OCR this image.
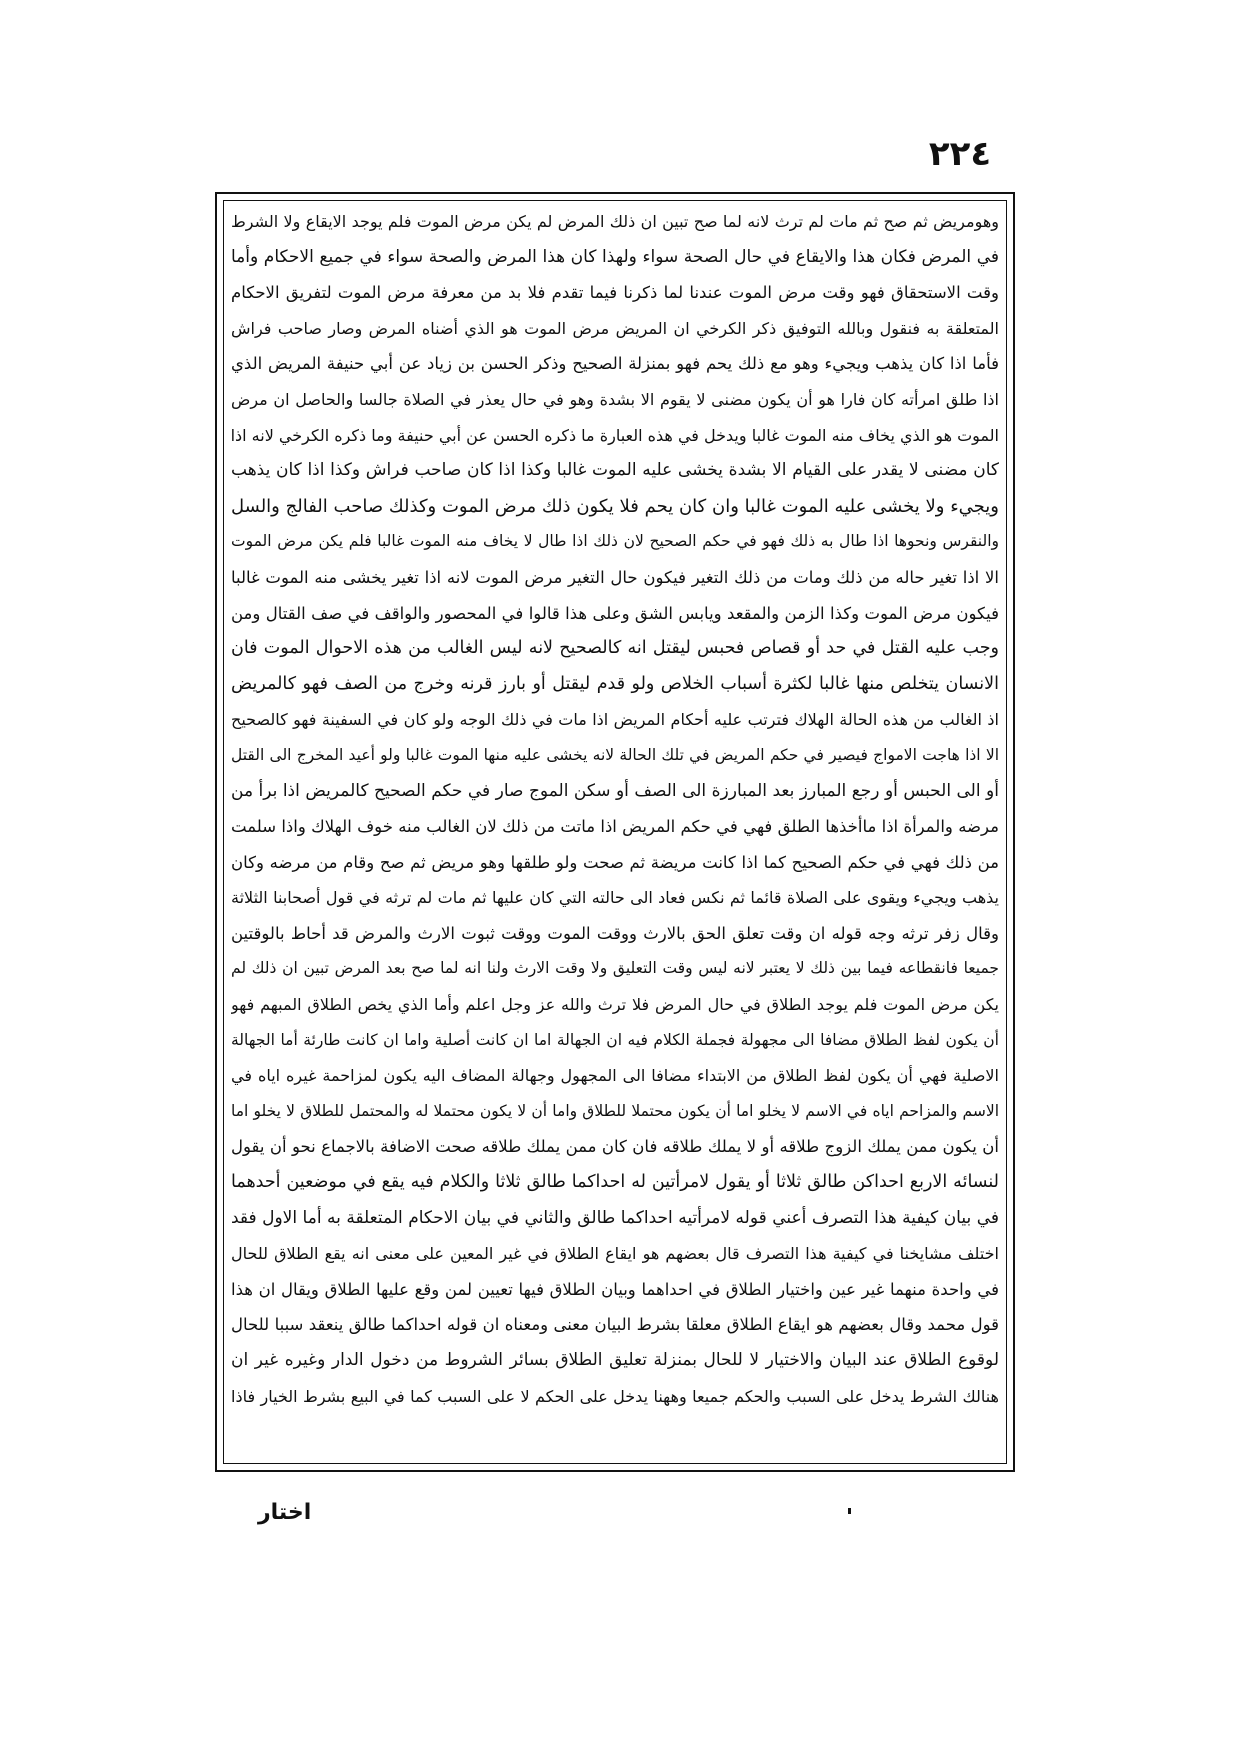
٢٢٤
وهومريض ثم صح ثم مات لم ترث لانه لما صح تبين ان ذلك المرض لم يكن مرض الموت فلم يوجد الايقاع ولا الشرط
في المرض فكان هذا والايقاع في حال الصحة سواء ولهذا كان هذا المرض والصحة سواء في جميع الاحكام وأما
وقت الاستحقاق فهو وقت مرض الموت عندنا لما ذكرنا فيما تقدم فلا بد من معرفة مرض الموت لتفريق الاحكام
المتعلقة به فنقول وبالله التوفيق ذكر الكرخي ان المريض مرض الموت هو الذي أضناه المرض وصار صاحب فراش
فأما اذا كان يذهب ويجيء وهو مع ذلك يحم فهو بمنزلة الصحيح وذكر الحسن بن زياد عن أبي حنيفة المريض الذي
اذا طلق امرأته كان فارا هو أن يكون مضنى لا يقوم الا بشدة وهو في حال يعذر في الصلاة جالسا والحاصل ان مرض
الموت هو الذي يخاف منه الموت غالبا ويدخل في هذه العبارة ما ذكره الحسن عن أبي حنيفة وما ذكره الكرخي لانه اذا
كان مضنى لا يقدر على القيام الا بشدة يخشى عليه الموت غالبا وكذا اذا كان صاحب فراش وكذا اذا كان يذهب
ويجيء ولا يخشى عليه الموت غالبا وان كان يحم فلا يكون ذلك مرض الموت وكذلك صاحب الفالج والسل
والنقرس ونحوها اذا طال به ذلك فهو في حكم الصحيح لان ذلك اذا طال لا يخاف منه الموت غالبا فلم يكن مرض الموت
الا اذا تغير حاله من ذلك ومات من ذلك التغير فيكون حال التغير مرض الموت لانه اذا تغير يخشى منه الموت غالبا
فيكون مرض الموت وكذا الزمن والمقعد ويابس الشق وعلى هذا قالوا في المحصور والواقف في صف القتال ومن
وجب عليه القتل في حد أو قصاص فحبس ليقتل انه كالصحيح لانه ليس الغالب من هذه الاحوال الموت فان
الانسان يتخلص منها غالبا لكثرة أسباب الخلاص ولو قدم ليقتل أو بارز قرنه وخرج من الصف فهو كالمريض
اذ الغالب من هذه الحالة الهلاك فترتب عليه أحكام المريض اذا مات في ذلك الوجه ولو كان في السفينة فهو كالصحيح
الا اذا هاجت الامواج فيصير في حكم المريض في تلك الحالة لانه يخشى عليه منها الموت غالبا ولو أعيد المخرج الى القتل
أو الى الحبس أو رجع المبارز بعد المبارزة الى الصف أو سكن الموج صار في حكم الصحيح كالمريض اذا برأ من
مرضه والمرأة اذا ماأخذها الطلق فهي في حكم المريض اذا ماتت من ذلك لان الغالب منه خوف الهلاك واذا سلمت
من ذلك فهي في حكم الصحيح كما اذا كانت مريضة ثم صحت ولو طلقها وهو مريض ثم صح وقام من مرضه وكان
يذهب ويجيء ويقوى على الصلاة قائما ثم نكس فعاد الى حالته التي كان عليها ثم مات لم ترثه في قول أصحابنا الثلاثة
وقال زفر ترثه وجه قوله ان وقت تعلق الحق بالارث ووقت الموت ووقت ثبوت الارث والمرض قد أحاط بالوقتين
جميعا فانقطاعه فيما بين ذلك لا يعتبر لانه ليس وقت التعليق ولا وقت الارث ولنا انه لما صح بعد المرض تبين ان ذلك لم
يكن مرض الموت فلم يوجد الطلاق في حال المرض فلا ترث والله عز وجل اعلم وأما الذي يخص الطلاق المبهم فهو
أن يكون لفظ الطلاق مضافا الى مجهولة فجملة الكلام فيه ان الجهالة اما ان كانت أصلية واما ان كانت طارئة أما الجهالة
الاصلية فهي أن يكون لفظ الطلاق من الابتداء مضافا الى المجهول وجهالة المضاف اليه يكون لمزاحمة غيره اياه في
الاسم والمزاحم اياه في الاسم لا يخلو اما أن يكون محتملا للطلاق واما أن لا يكون محتملا له والمحتمل للطلاق لا يخلو اما
أن يكون ممن يملك الزوج طلاقه أو لا يملك طلاقه فان كان ممن يملك طلاقه صحت الاضافة بالاجماع نحو أن يقول
لنسائه الاربع احداكن طالق ثلاثا أو يقول لامرأتين له احداكما طالق ثلاثا والكلام فيه يقع في موضعين أحدهما
في بيان كيفية هذا التصرف أعني قوله لامرأتيه احداكما طالق والثاني في بيان الاحكام المتعلقة به أما الاول فقد
اختلف مشايخنا في كيفية هذا التصرف قال بعضهم هو ايقاع الطلاق في غير المعين على معنى انه يقع الطلاق للحال
في واحدة منهما غير عين واختيار الطلاق في احداهما وبيان الطلاق فيها تعيين لمن وقع عليها الطلاق ويقال ان هذا
قول محمد وقال بعضهم هو ايقاع الطلاق معلقا بشرط البيان معنى ومعناه ان قوله احداكما طالق ينعقد سببا للحال
لوقوع الطلاق عند البيان والاختيار لا للحال بمنزلة تعليق الطلاق بسائر الشروط من دخول الدار وغيره غير ان
هنالك الشرط يدخل على السبب والحكم جميعا وههنا يدخل على الحكم لا على السبب كما في البيع بشرط الخيار فاذا
اختار
